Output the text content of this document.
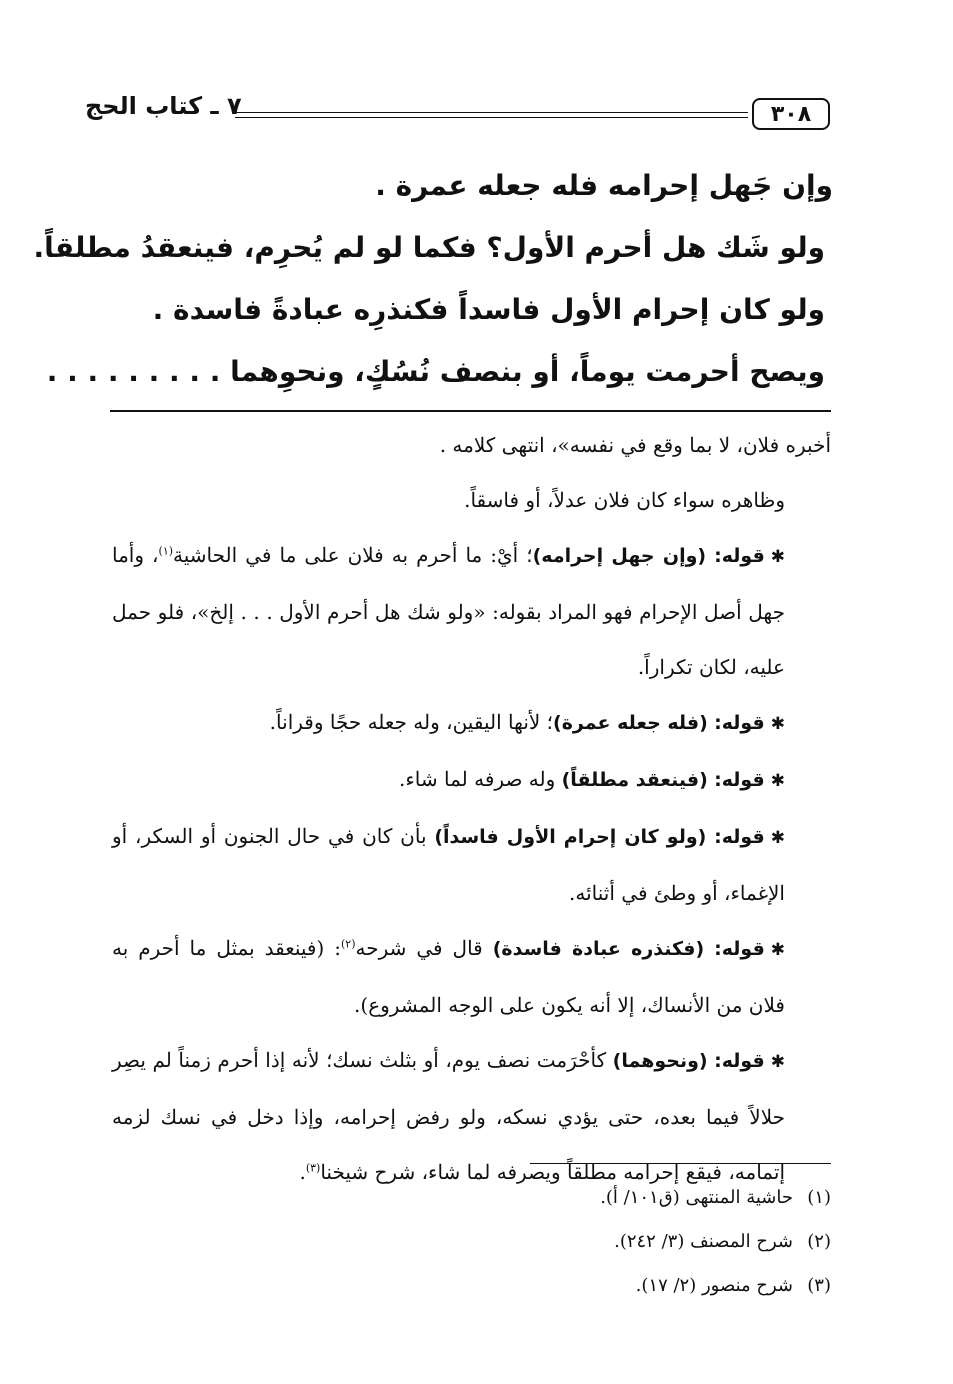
٣٠٨
٧ ـ كتاب الحج

وإن جَهل إحرامه فله جعله عمرة .

ولو شَك هل أحرم الأول؟ فكما لو لم يُحرِم، فينعقدُ مطلقاً.

ولو كان إحرام الأول فاسداً فكنذرِه عبادةً فاسدة .

ويصح أحرمت يوماً، أو بنصف نُسُكٍ، ونحوِهما . . . . . . . . .

أخبره فلان، لا بما وقع في نفسه»، انتهى كلامه .

وظاهره سواء كان فلان عدلاً، أو فاسقاً.

✱قوله: (وإن جهل إحرامه)؛ أيْ: ما أحرم به فلان على ما في الحاشية$^{(١)}$، وأما جهل أصل الإحرام فهو المراد بقوله: «ولو شك هل أحرم الأول . . . إلخ»، فلو حمل عليه، لكان تكراراً.

✱قوله: (فله جعله عمرة)؛ لأنها اليقين، وله جعله حجًا وقراناً.

✱قوله: (فينعقد مطلقاً) وله صرفه لما شاء.

✱قوله: (ولو كان إحرام الأول فاسداً) بأن كان في حال الجنون أو السكر، أو الإغماء، أو وطئ في أثنائه.

✱قوله: (فكنذره عبادة فاسدة) قال في شرحه$^{(٢)}$: (فينعقد بمثل ما أحرم به فلان من الأنساك، إلا أنه يكون على الوجه المشروع).

✱قوله: (ونحوهما) كأحْرَمت نصف يوم، أو بثلث نسك؛ لأنه إذا أحرم زمناً لم يصِر حلالاً فيما بعده، حتى يؤدي نسكه، ولو رفض إحرامه، وإذا دخل في نسك لزمه إتمامه، فيقع إحرامه مطلقاً ويصرفه لما شاء، شرح شيخنا$^{(٣)}$.

(١)حاشية المنتهى (ق١٠١/ أ).

(٢)شرح المصنف (٣/ ٢٤٢).

(٣)شرح منصور (٢/ ١٧).
